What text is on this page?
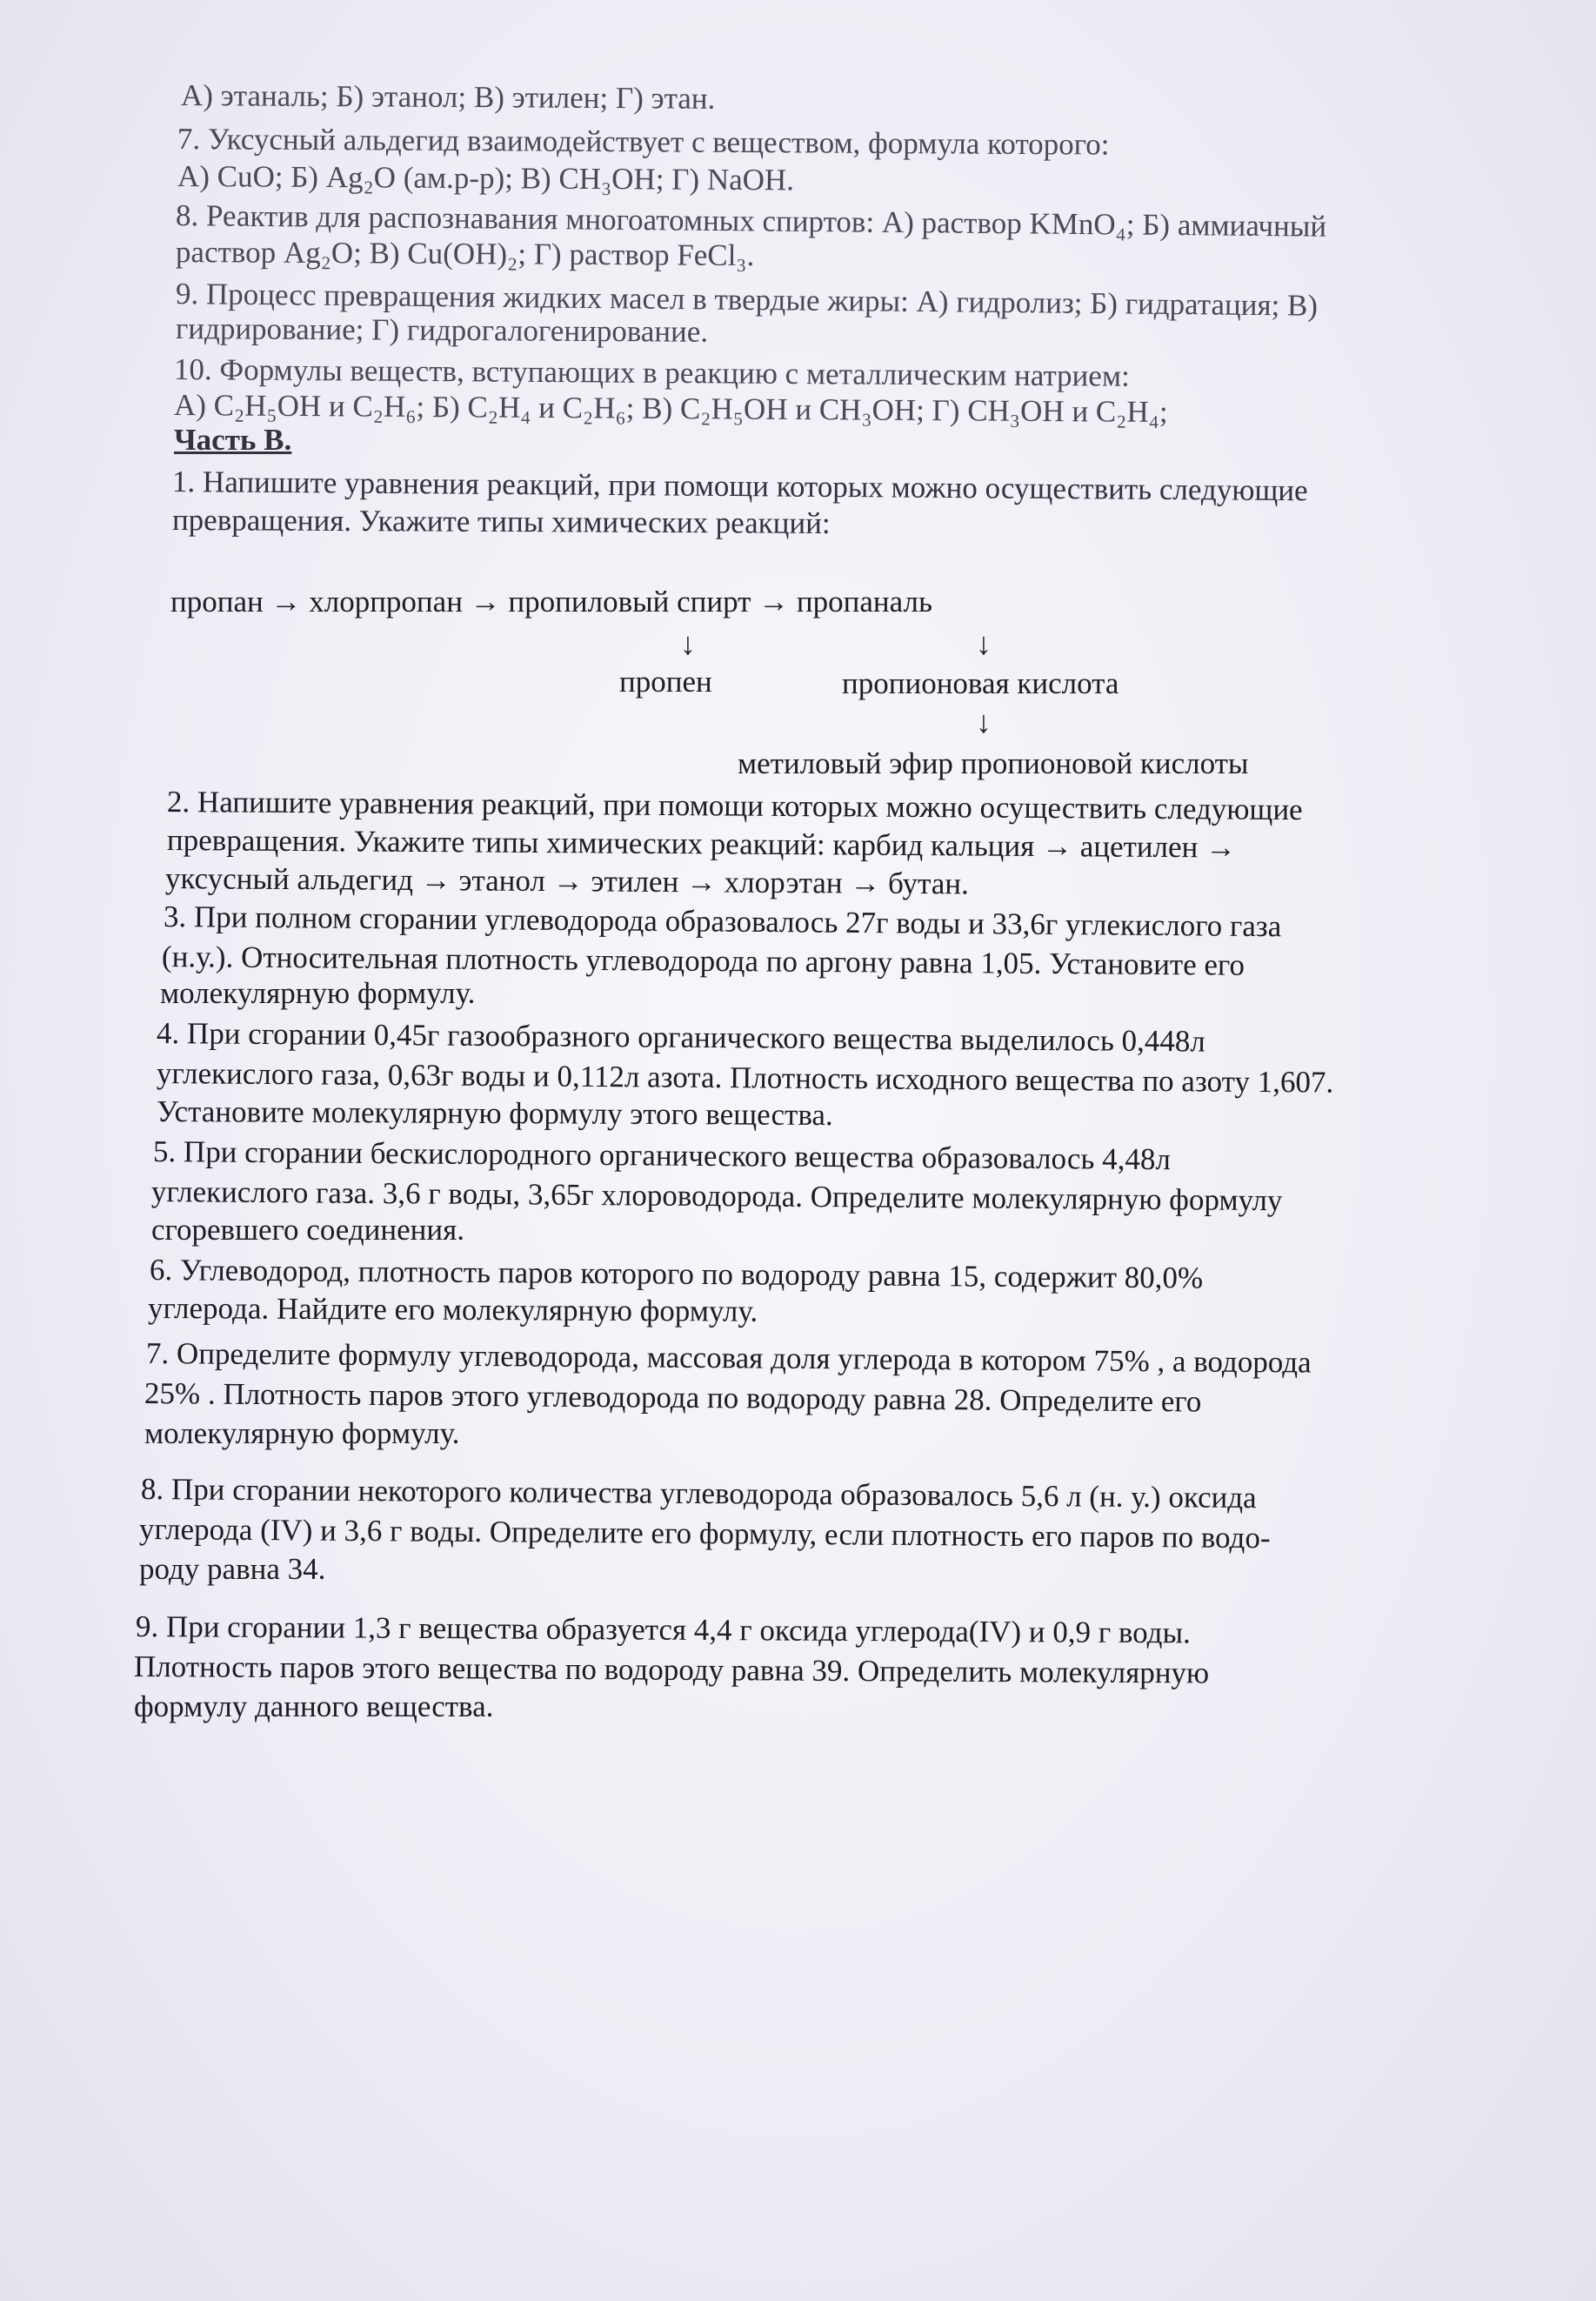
А) этаналь; Б) этанол; В) этилен; Г) этан.
7. Уксусный альдегид взаимодействует с веществом, формула которого:
А) CuO; Б) Ag₂O (ам.р-р); В) CH₃OH; Г) NaOH.
8. Реактив для распознавания многоатомных спиртов: А) раствор KMnO₄; Б) аммиачный
раствор Ag₂O; В) Cu(OH)₂; Г) раствор FeCl₃.
9. Процесс превращения жидких масел в твердые жиры: А) гидролиз; Б) гидратация; В)
гидрирование; Г) гидрогалогенирование.
10. Формулы веществ, вступающих в реакцию с металлическим натрием:
А) C₂H₅OH и C₂H₆; Б) C₂H₄ и C₂H₆; В) C₂H₅OH и CH₃OH; Г) CH₃OH и C₂H₄;
Часть В.
1. Напишите уравнения реакций, при помощи которых можно осуществить следующие
превращения. Укажите типы химических реакций:
пропан → хлорпропан → пропиловый спирт → пропаналь
↓	↓
пропен	пропионовая кислота
↓
метиловый эфир пропионовой кислоты
2. Напишите уравнения реакций, при помощи которых можно осуществить следующие
превращения. Укажите типы химических реакций: карбид кальция → ацетилен →
уксусный альдегид → этанол → этилен → хлорэтан → бутан.
3. При полном сгорании углеводорода образовалось 27г воды и 33,6г углекислого газа
(н.у.). Относительная плотность углеводорода по аргону равна 1,05. Установите его
молекулярную формулу.
4. При сгорании 0,45г газообразного органического вещества выделилось 0,448л
углекислого газа, 0,63г воды и 0,112л азота. Плотность исходного вещества по азоту 1,607.
Установите молекулярную формулу этого вещества.
5. При сгорании бескислородного органического вещества образовалось 4,48л
углекислого газа. 3,6 г воды, 3,65г хлороводорода. Определите молекулярную формулу
сгоревшего соединения.
6. Углеводород, плотность паров которого по водороду равна 15, содержит 80,0%
углерода. Найдите его молекулярную формулу.
7. Определите формулу углеводорода, массовая доля углерода в котором 75% , а водорода
25% . Плотность паров этого углеводорода по водороду равна 28. Определите его
молекулярную формулу.
8. При сгорании некоторого количества углеводорода образовалось 5,6 л (н. у.) оксида
углерода (IV) и 3,6 г воды. Определите его формулу, если плотность его паров по водо-
роду равна 34.
9. При сгорании 1,3 г вещества образуется 4,4 г оксида углерода(IV) и 0,9 г воды.
Плотность паров этого вещества по водороду равна 39. Определить молекулярную
формулу данного вещества.
